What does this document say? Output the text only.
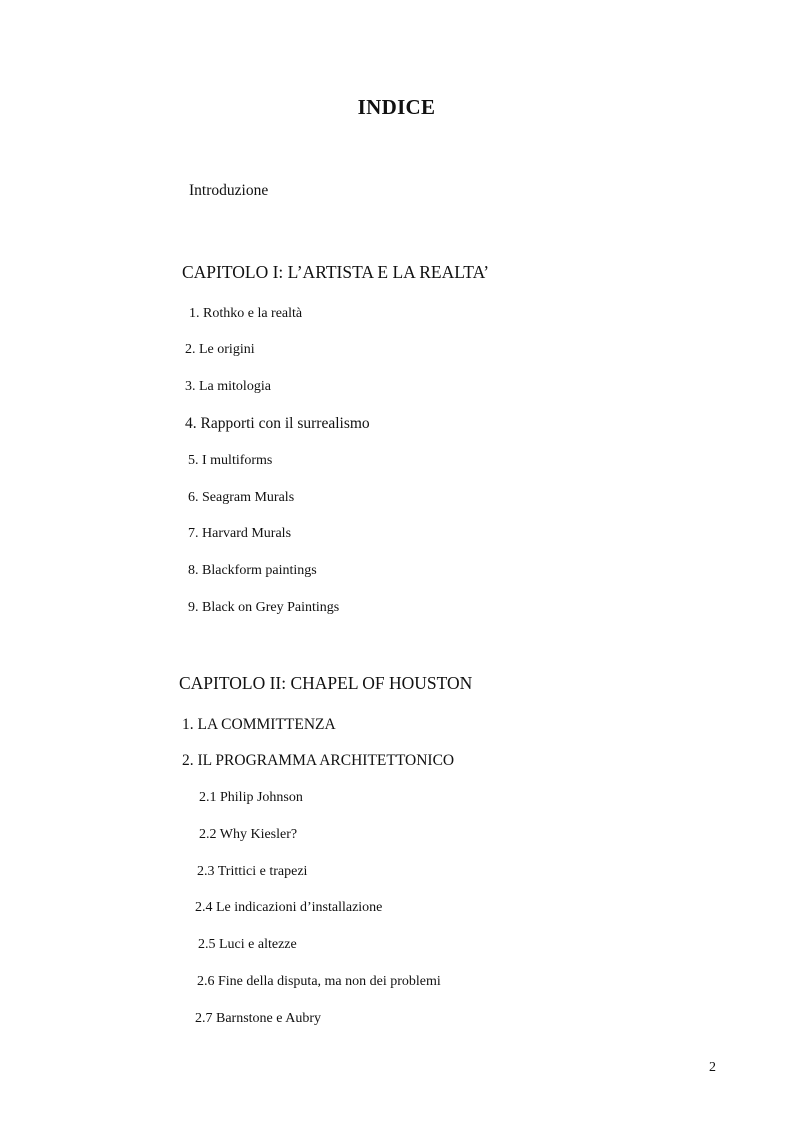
INDICE
Introduzione
CAPITOLO I: L’ARTISTA E LA REALTA’
1. Rothko e la realtà
2. Le origini
3. La mitologia
4. Rapporti con il surrealismo
5. I multiforms
6. Seagram Murals
7. Harvard Murals
8. Blackform paintings
9. Black on Grey Paintings
CAPITOLO II: CHAPEL OF HOUSTON
1. LA COMMITTENZA
2. IL PROGRAMMA ARCHITETTONICO
2.1 Philip Johnson
2.2 Why Kiesler?
2.3 Trittici e trapezi
2.4 Le indicazioni d’installazione
2.5 Luci e altezze
2.6 Fine della disputa, ma non dei problemi
2.7 Barnstone e Aubry
2
